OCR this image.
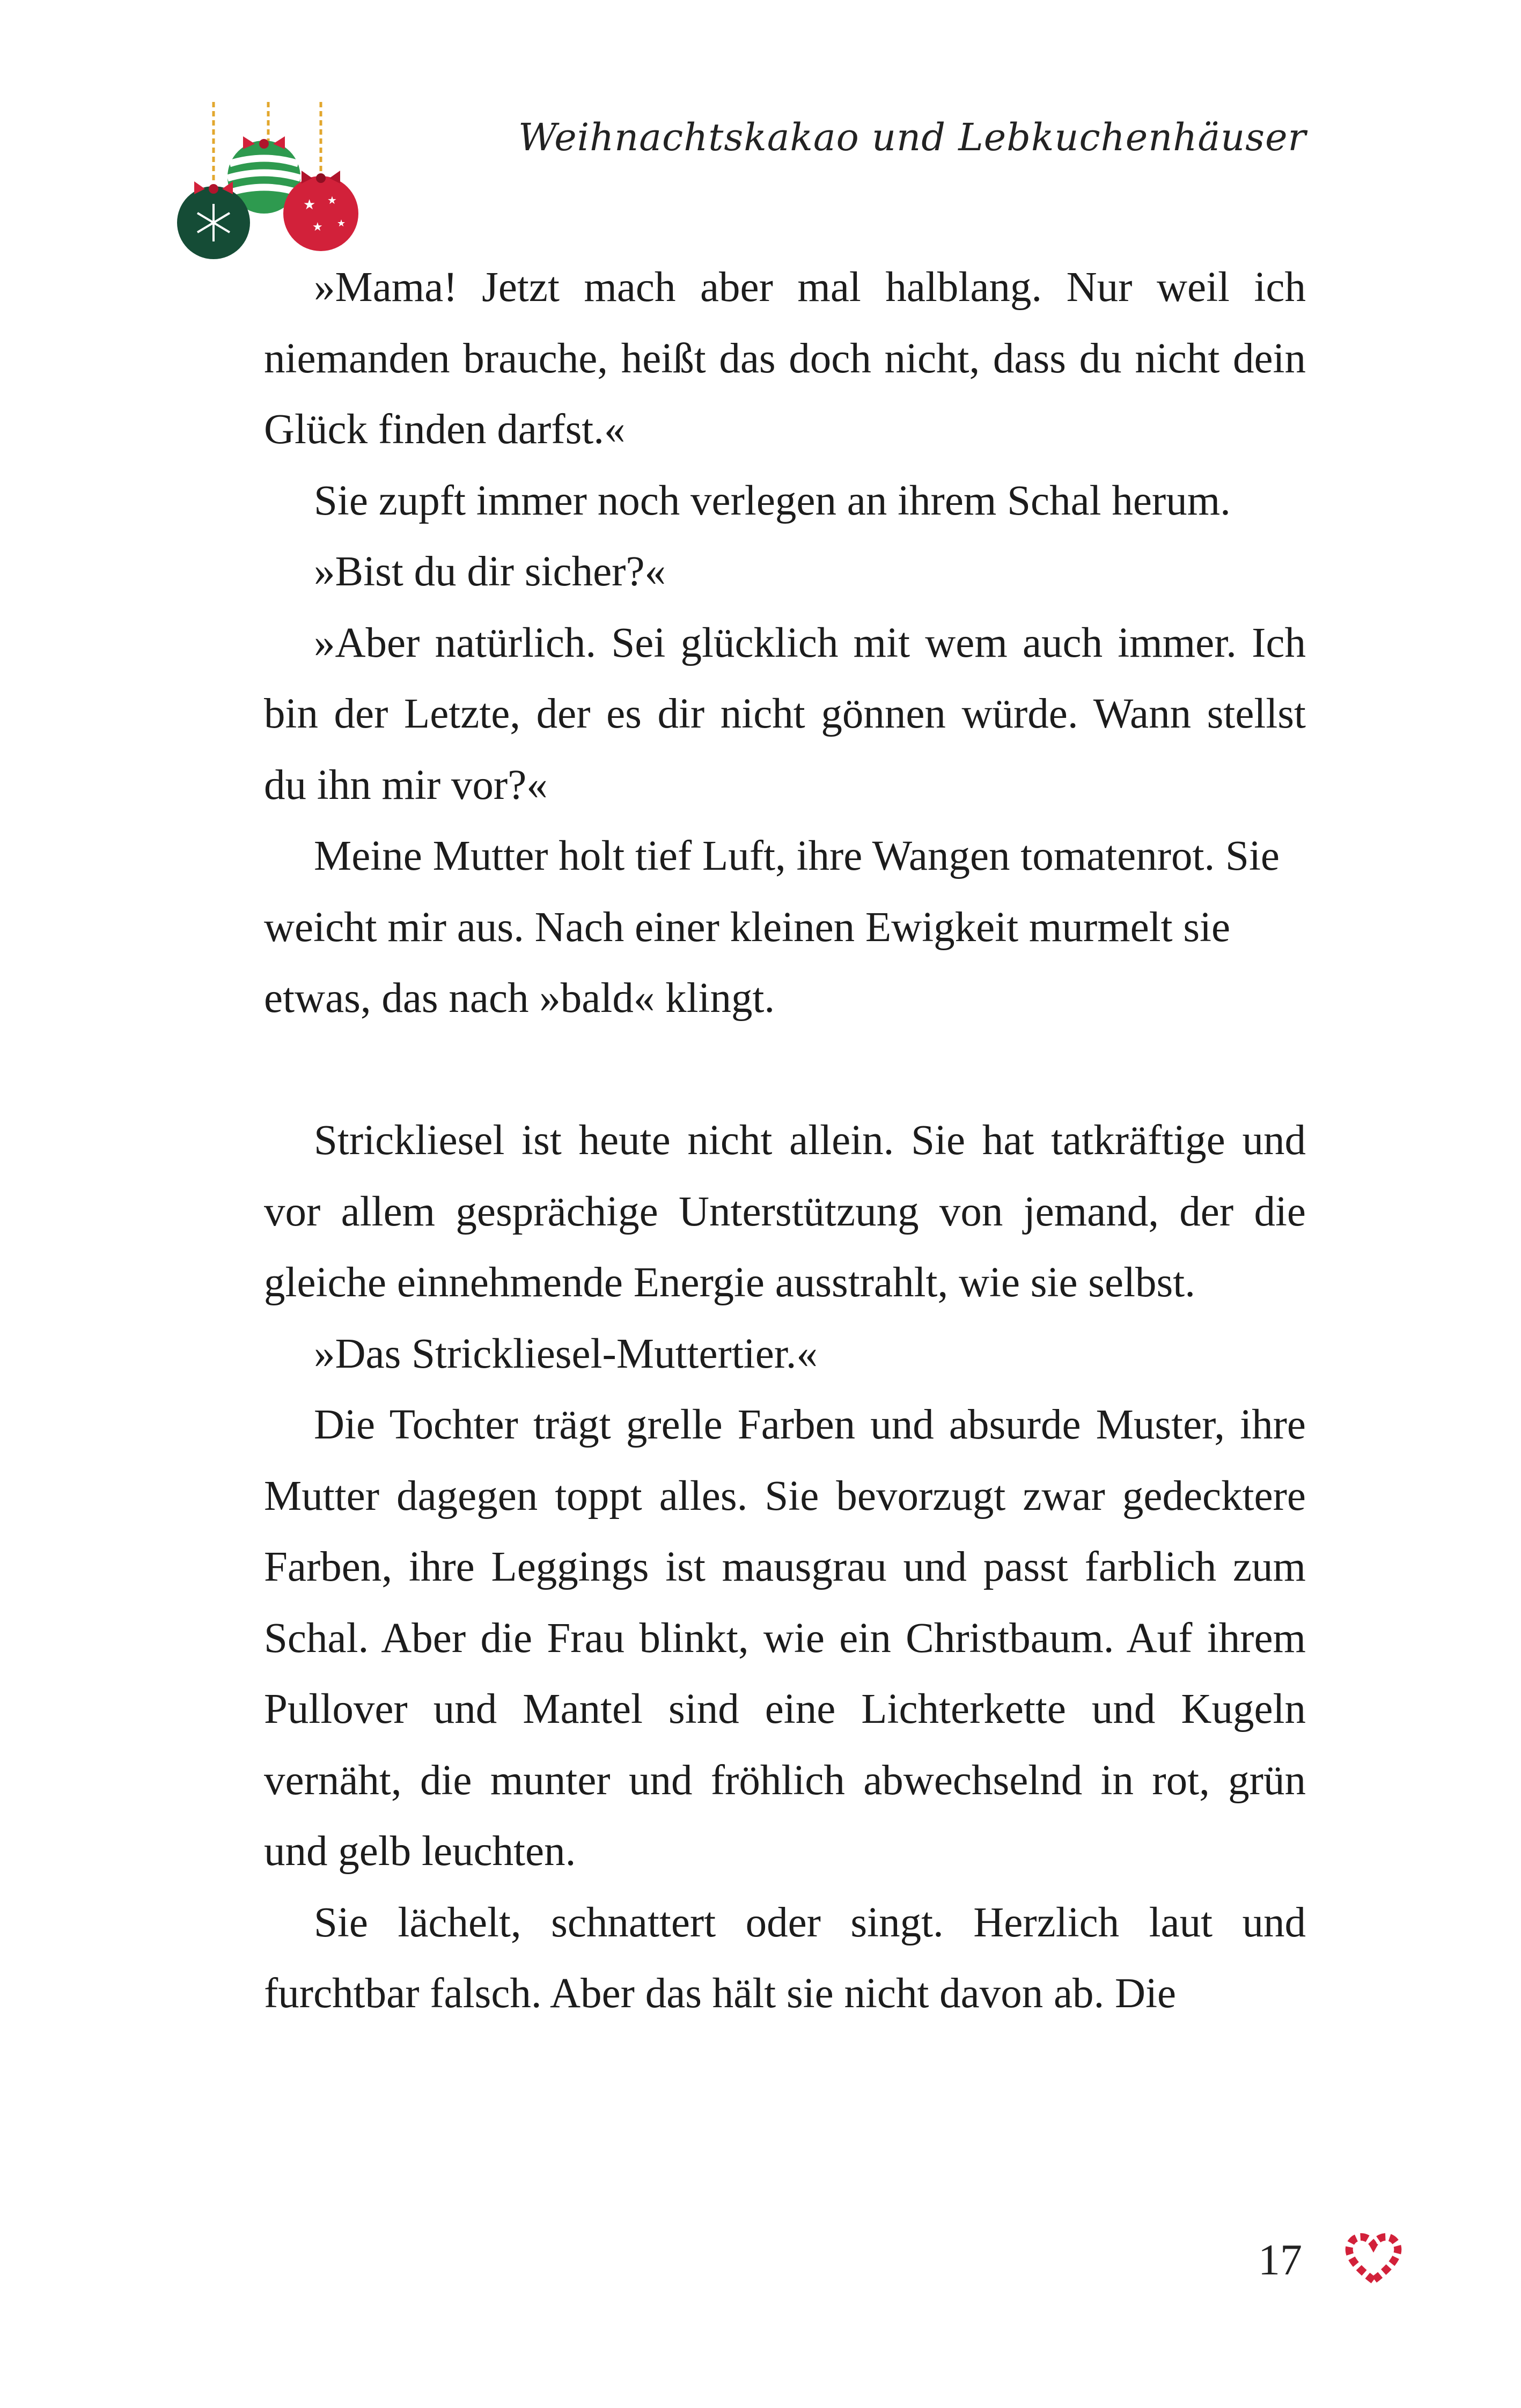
★ ★
★ ★
Weihnachtskakao und Lebkuchenhäuser

»Mama! Jetzt mach aber mal halblang. Nur weil ich niemanden brauche, heißt das doch nicht, dass du nicht dein Glück finden darfst.«

Sie zupft immer noch verlegen an ihrem Schal herum.

»Bist du dir sicher?«

»Aber natürlich. Sei glücklich mit wem auch immer. Ich bin der Letzte, der es dir nicht gönnen würde. Wann stellst du ihn mir vor?«

Meine Mutter holt tief Luft, ihre Wangen tomatenrot. Sie weicht mir aus. Nach einer kleinen Ewigkeit murmelt sie etwas, das nach »bald« klingt.

Strickliesel ist heute nicht allein. Sie hat tatkräftige und vor allem gesprächige Unterstützung von jemand, der die gleiche einnehmende Energie ausstrahlt, wie sie selbst.

»Das Strickliesel-Muttertier.«

Die Tochter trägt grelle Farben und absurde Muster, ihre Mutter dagegen toppt alles. Sie bevorzugt zwar gedecktere Farben, ihre Leggings ist mausgrau und passt farblich zum Schal. Aber die Frau blinkt, wie ein Christbaum. Auf ihrem Pullover und Mantel sind eine Lichterkette und Kugeln vernäht, die munter und fröhlich abwechselnd in rot, grün und gelb leuchten.

Sie lächelt, schnattert oder singt. Herzlich laut und furchtbar falsch. Aber das hält sie nicht davon ab. Die

17
